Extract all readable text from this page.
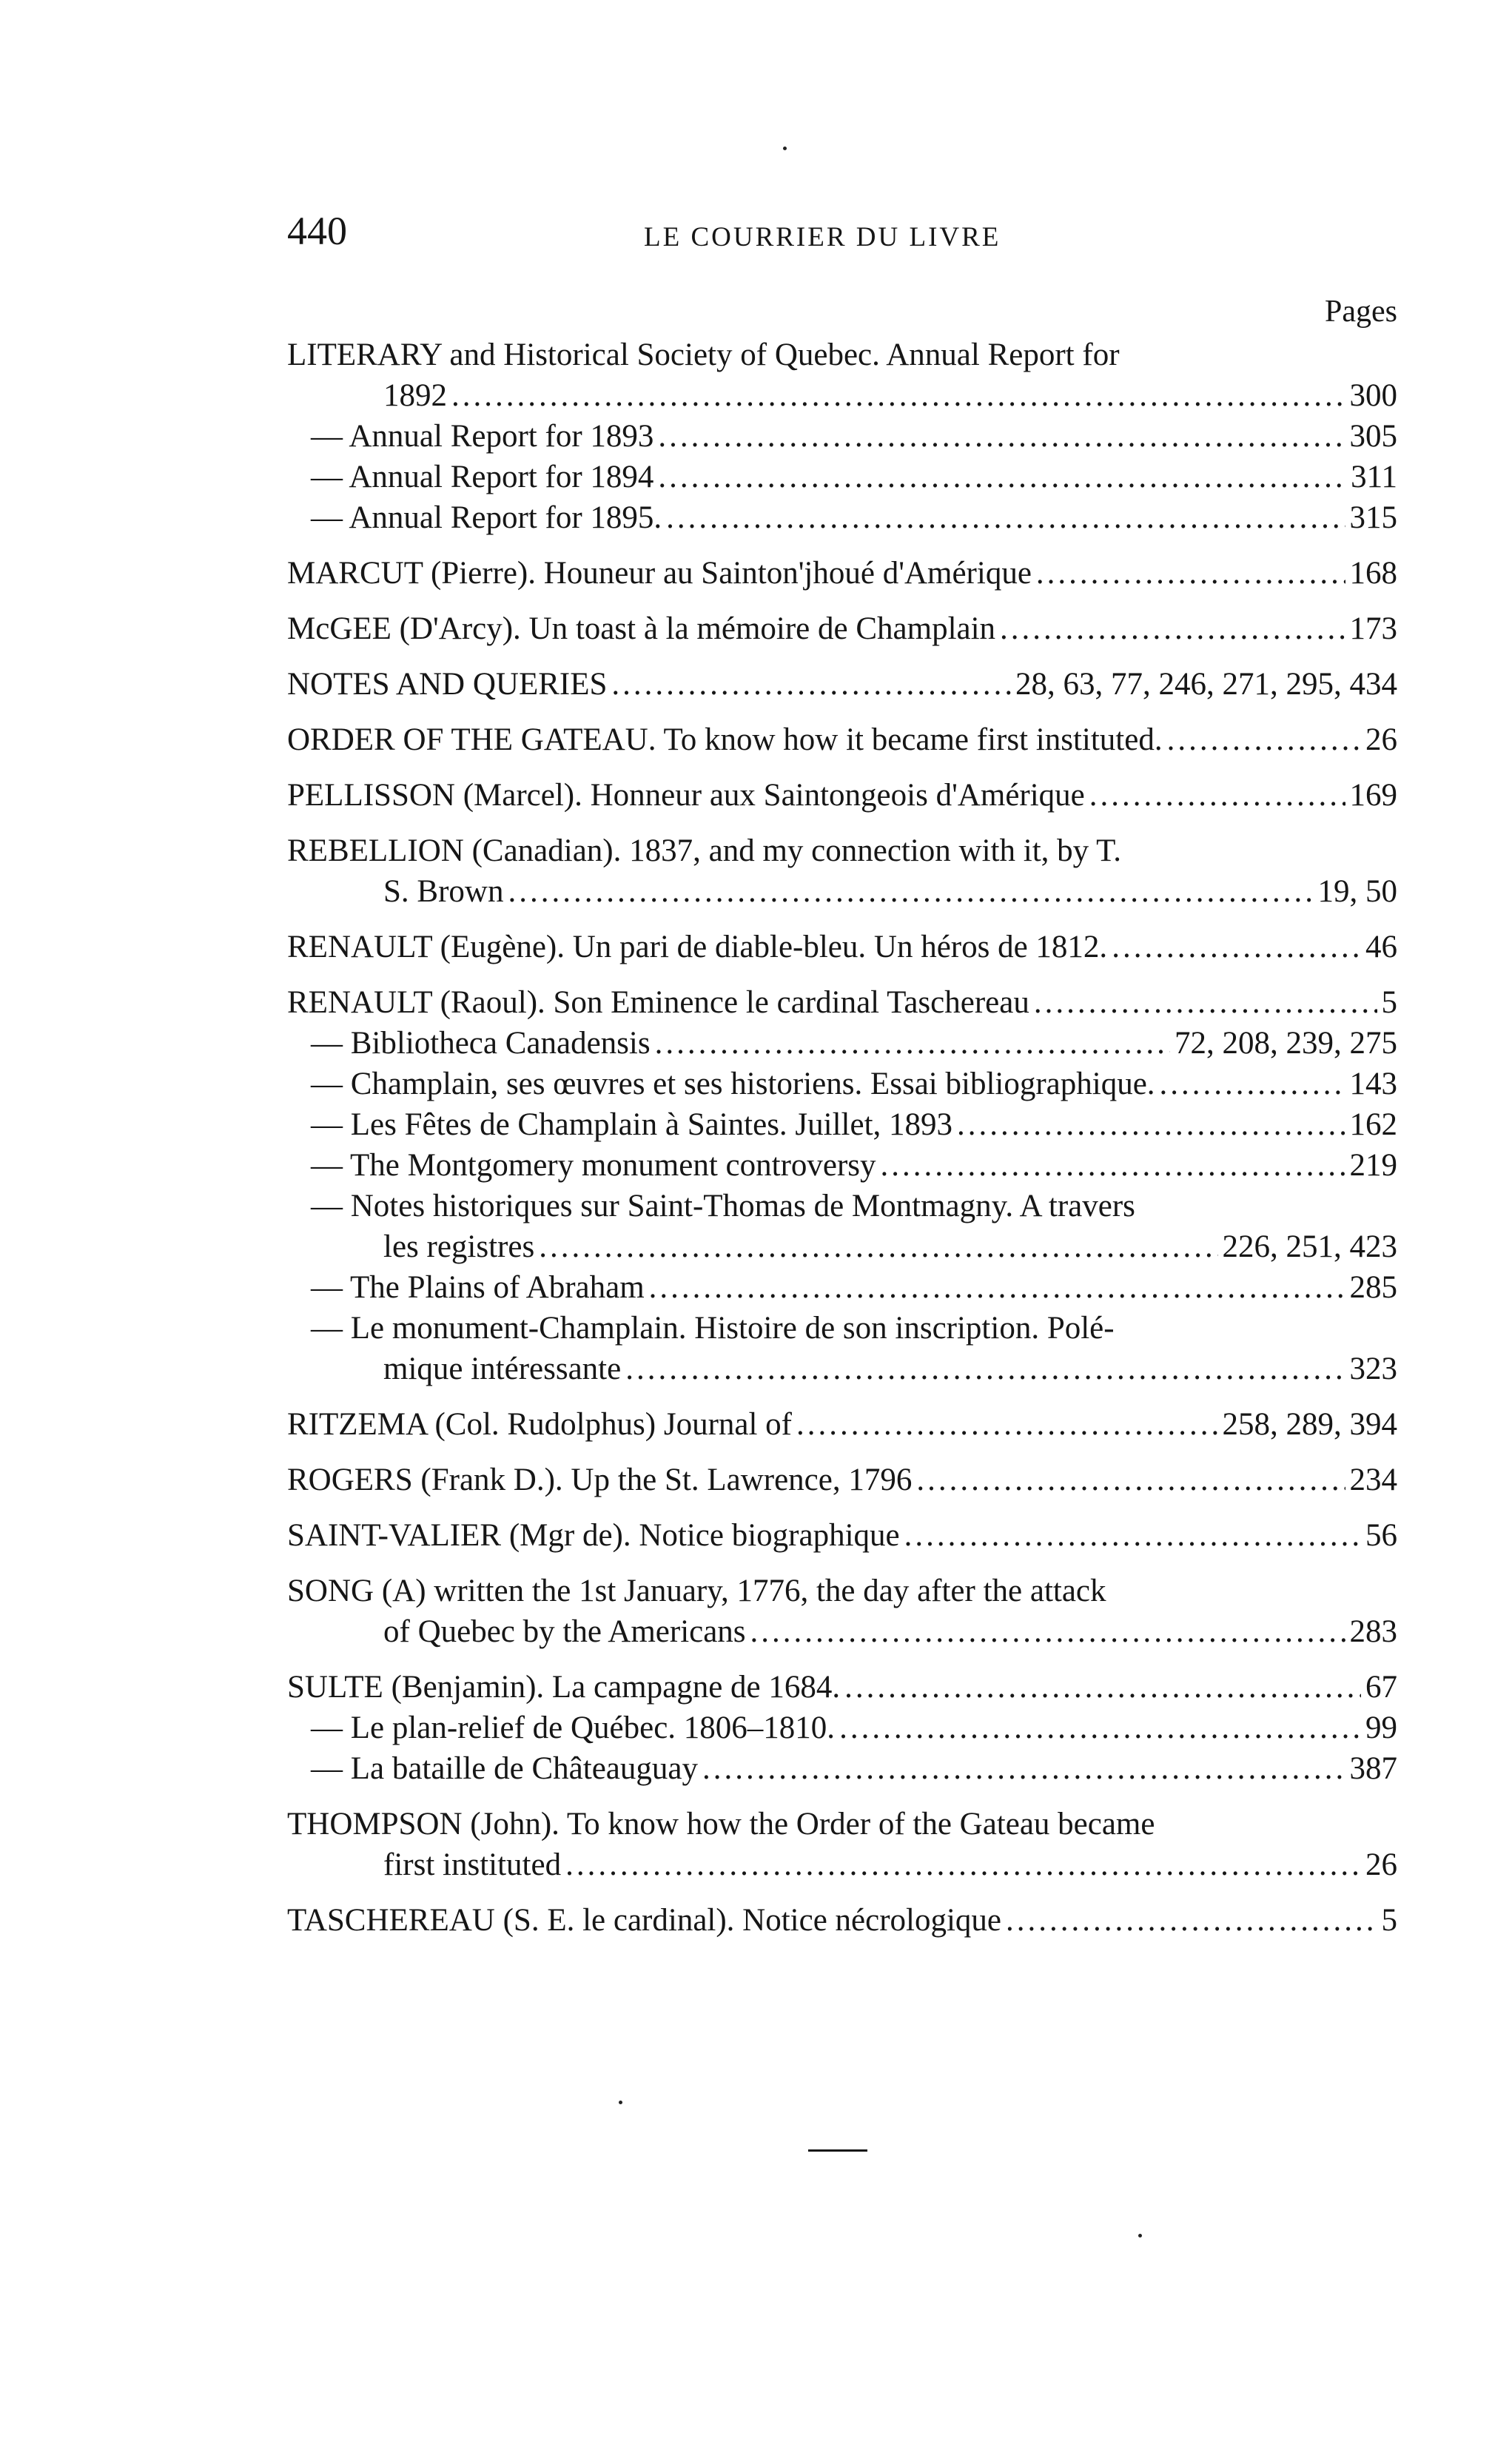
440	LE COURRIER DU LIVRE
Pages
LITERARY and Historical Society of Quebec. Annual Report for
1892 .....	300
— Annual Report for 1893 .....	305
— Annual Report for 1894 .....	311
— Annual Report for 1895. .....	315
MARCUT (Pierre). Houneur au Sainton'jhoué d'Amérique .....	168
McGEE (D'Arcy). Un toast à la mémoire de Champlain .....	173
NOTES AND QUERIES .....	28, 63, 77, 246, 271, 295, 434
ORDER OF THE GATEAU. To know how it became first instituted. .....	26
PELLISSON (Marcel). Honneur aux Saintongeois d'Amérique .....	169
REBELLION (Canadian). 1837, and my connection with it, by T.
S. Brown .....	19, 50
RENAULT (Eugène). Un pari de diable-bleu. Un héros de 1812. .....	46
RENAULT (Raoul). Son Eminence le cardinal Taschereau .....	5
— Bibliotheca Canadensis .....	72, 208, 239, 275
— Champlain, ses œuvres et ses historiens. Essai bibliographique. .....	143
— Les Fêtes de Champlain à Saintes. Juillet, 1893 .....	162
— The Montgomery monument controversy .....	219
— Notes historiques sur Saint-Thomas de Montmagny. A travers
les registres .....	226, 251, 423
— The Plains of Abraham .....	285
— Le monument-Champlain. Histoire de son inscription. Polé-
mique intéressante .....	323
RITZEMA (Col. Rudolphus) Journal of .....	258, 289, 394
ROGERS (Frank D.). Up the St. Lawrence, 1796 .....	234
SAINT-VALIER (Mgr de). Notice biographique .....	56
SONG (A) written the 1st January, 1776, the day after the attack
of Quebec by the Americans .....	283
SULTE (Benjamin). La campagne de 1684. .....	67
— Le plan-relief de Québec. 1806–1810. .....	99
— La bataille de Châteauguay .....	387
THOMPSON (John). To know how the Order of the Gateau became
first instituted .....	26
TASCHEREAU (S. E. le cardinal). Notice nécrologique .....	5
